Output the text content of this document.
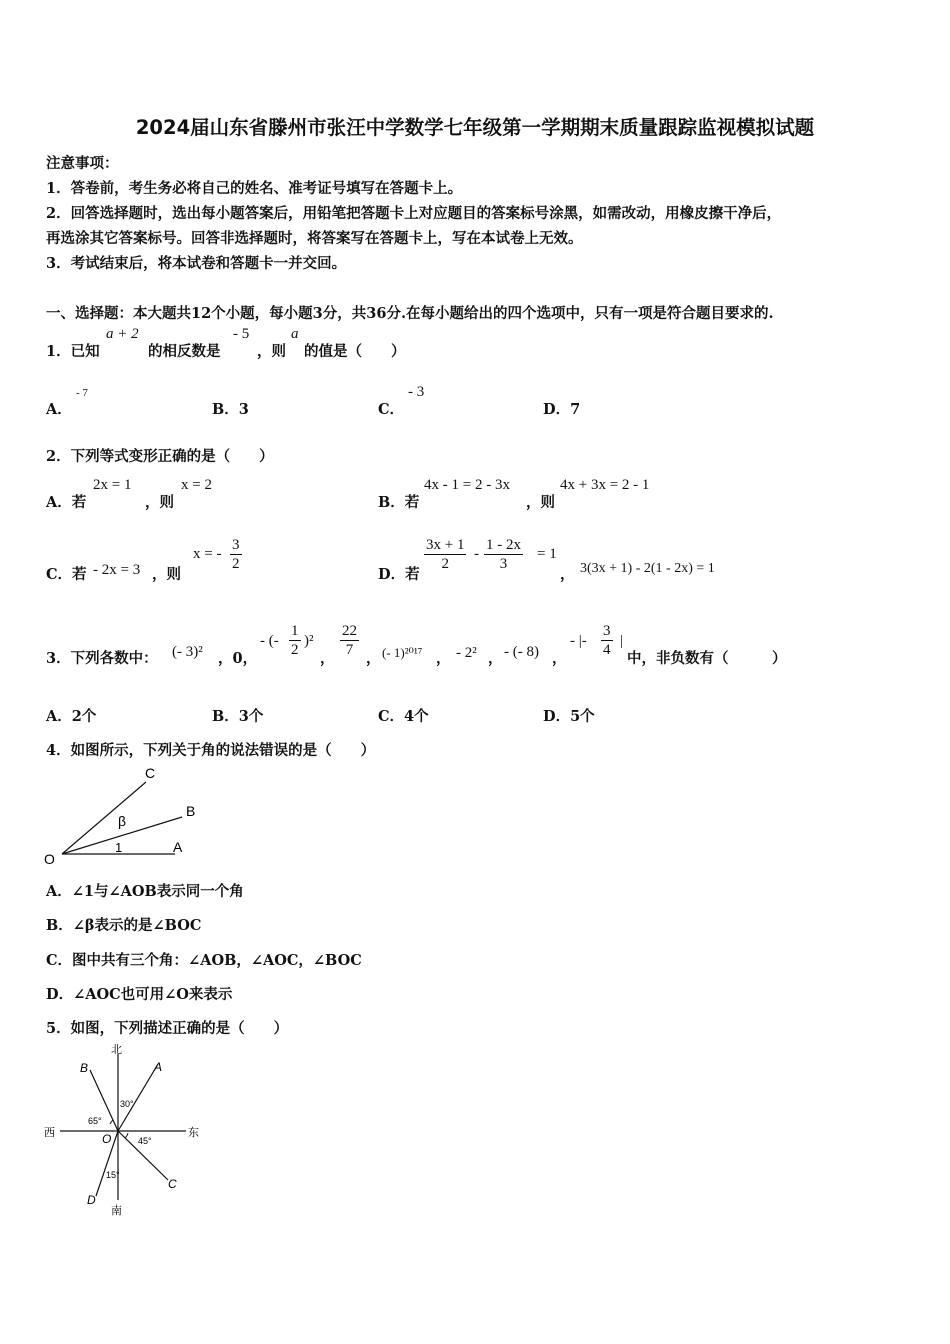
2024届山东省滕州市张汪中学数学七年级第一学期期末质量跟踪监视模拟试题
注意事项：
1．答卷前，考生务必将自己的姓名、准考证号填写在答题卡上。
2．回答选择题时，选出每小题答案后，用铅笔把答题卡上对应题目的答案标号涂黑，如需改动，用橡皮擦干净后，
再选涂其它答案标号。回答非选择题时，将答案写在答题卡上，写在本试卷上无效。
3．考试结束后，将本试卷和答题卡一并交回。
一、选择题：本大题共12个小题，每小题3分，共36分.在每小题给出的四个选项中，只有一项是符合题目要求的.
1．已知
a + 2
的相反数是
- 5
，则
a
的值是（　　）
A．
- 7
B．3	C．
- 3
D．7
2．下列等式变形正确的是（　　）
A．若
2x = 1
，则
x = 2
B．若
4x - 1 = 2 - 3x
，则
4x + 3x = 2 - 1
C．若 - 2x = 3 ，则
x = - $\frac{3}{2}$
D．若
$\frac{3x + 1}{2} - \frac{1 - 2x}{3} = 1$
， 3(3x + 1) - 2(1 - 2x) = 1
3．下列各数中： (- 3)² ，0，
- (- $\frac{1}{2} )^2$
， $\frac{22}{7}$ ， (- 1)²⁰¹⁷ ， - 2² ， - (- 8) ，
- |- $\frac{3}{4}$ |
中，非负数有（　　　）
A．2个	B．3个	C．4个	D．5个
4．如图所示，下列关于角的说法错误的是（　　）
C
B
β
1	A
O
A．∠1与∠AOB表示同一个角
B．∠β表示的是∠BOC
C．图中共有三个角：∠AOB，∠AOC，∠BOC
D．∠AOC也可用∠O来表示
5．如图，下列描述正确的是（　　）
北
南
西	东
A
B
C
D
O
30°
65°
45°
15°
